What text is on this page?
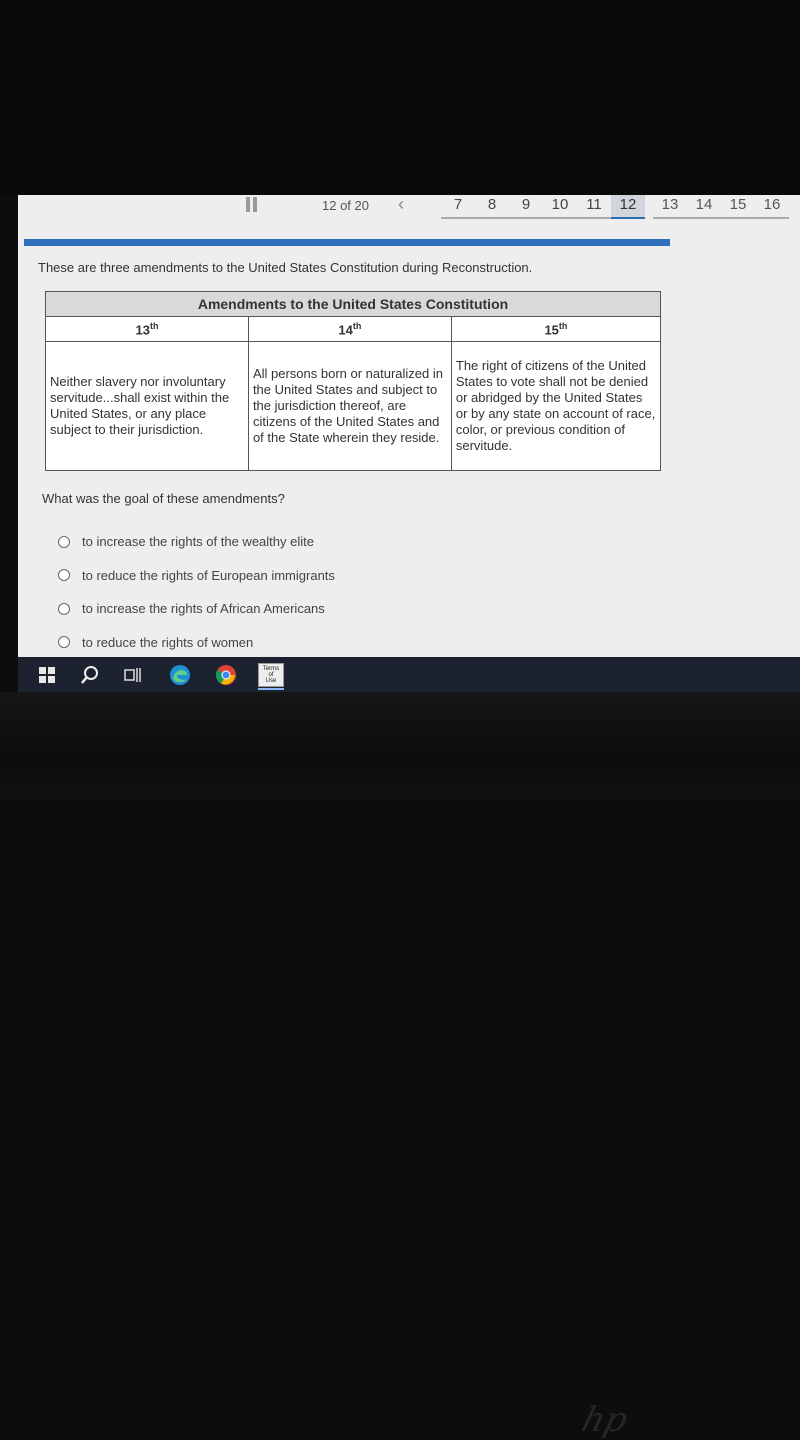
12 of 20 ‹	7	8	9	10	11	12	13	14	15	16
These are three amendments to the United States Constitution during Reconstruction.
Amendments to the United States Constitution		
13th	14th	15th
Neither slavery nor involuntary servitude...shall exist within the United States, or any place subject to their jurisdiction.	All persons born or naturalized in the United States and subject to the jurisdiction thereof, are citizens of the United States and of the State wherein they reside.	The right of citizens of the United States to vote shall not be denied or abridged by the United States or by any state on account of race, color, or previous condition of servitude.
What was the goal of these amendments?
to increase the rights of the wealthy elite
to reduce the rights of European immigrants
to increase the rights of African Americans
to reduce the rights of women
Terms
of
Use
hp
